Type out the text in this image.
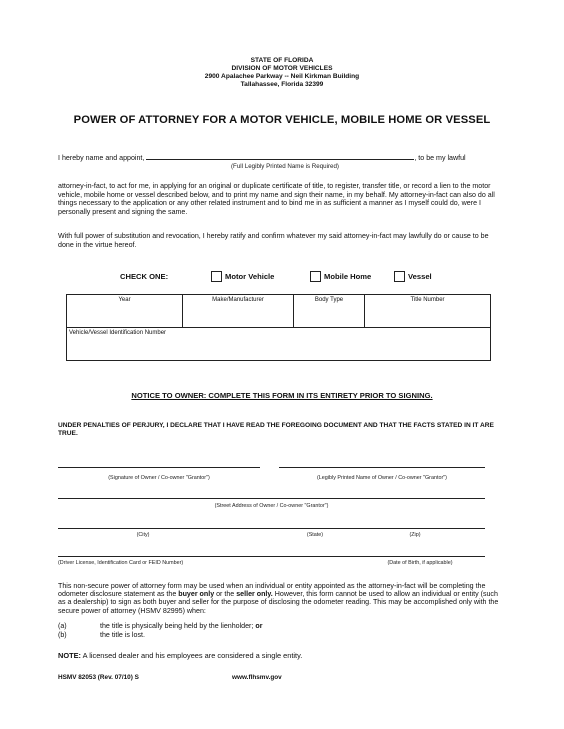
STATE OF FLORIDA
DIVISION OF MOTOR VEHICLES
2900 Apalachee Parkway -- Neil Kirkman Building
Tallahassee, Florida 32399
POWER OF ATTORNEY FOR A MOTOR VEHICLE, MOBILE HOME OR VESSEL
I hereby name and appoint,	, to be my lawful
(Full Legibly Printed Name is Required)
attorney-in-fact, to act for me, in applying for an original or duplicate certificate of title, to register, transfer title, or record a lien to the motor vehicle, mobile home or vessel described below, and to print my name and sign their name, in my behalf. My attorney-in-fact can also do all things necessary to the application or any other related instrument and to bind me in as sufficient a manner as I myself could do, were I personally present and signing the same.
With full power of substitution and revocation, I hereby ratify and confirm whatever my said attorney-in-fact may lawfully do or cause to be done in the virtue hereof.
CHECK ONE:	Motor Vehicle	Mobile Home	Vessel
Year	Make/Manufacturer	Body Type	Title Number
Vehicle/Vessel Identification Number
NOTICE TO OWNER: COMPLETE THIS FORM IN ITS ENTIRETY PRIOR TO SIGNING.
UNDER PENALTIES OF PERJURY, I DECLARE THAT I HAVE READ THE FOREGOING DOCUMENT AND THAT THE FACTS STATED IN IT ARE TRUE.
(Signature of Owner / Co-owner "Grantor")	(Legibly Printed Name of Owner / Co-owner "Grantor")
(Street Address of Owner / Co-owner "Grantor")
(City)	(State)	(Zip)
(Driver License, Identification Card or FEID Number)	(Date of Birth, if applicable)
This non-secure power of attorney form may be used when an individual or entity appointed as the attorney-in-fact will be completing the odometer disclosure statement as the buyer only or the seller only. However, this form cannot be used to allow an individual or entity (such as a dealership) to sign as both buyer and seller for the purpose of disclosing the odometer reading. This may be accomplished only with the secure power of attorney (HSMV 82995) when:
(a)	the title is physically being held by the lienholder; or
(b)	the title is lost.
NOTE: A licensed dealer and his employees are considered a single entity.
HSMV 82053 (Rev. 07/10) S	www.flhsmv.gov
